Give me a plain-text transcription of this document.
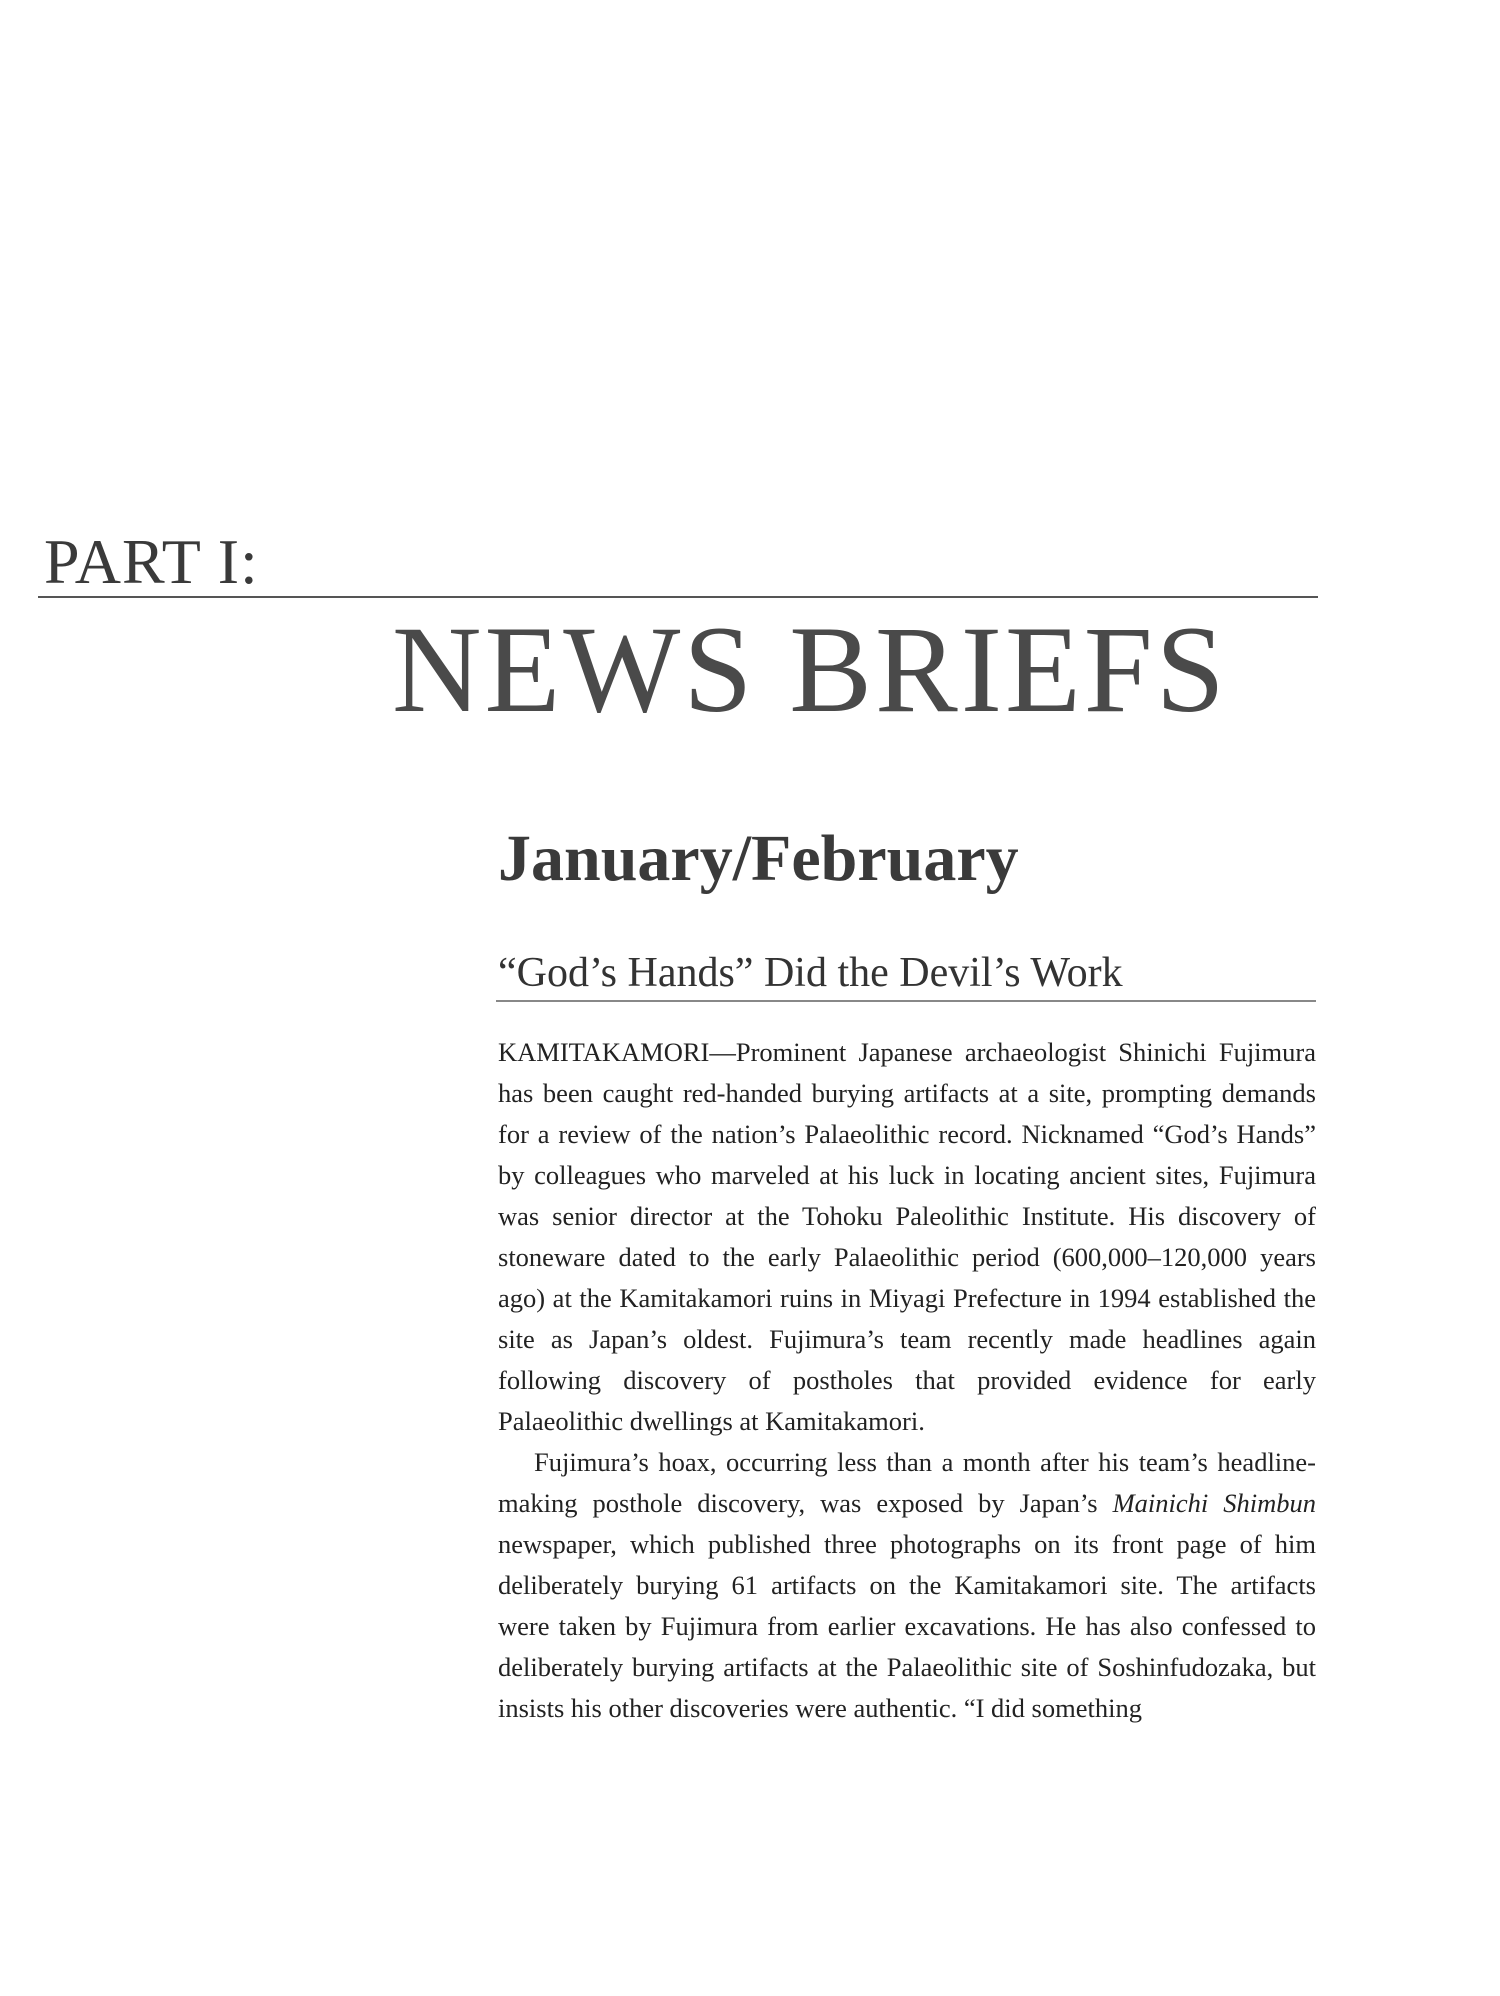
PART I:
NEWS BRIEFS
January/February
“God’s Hands” Did the Devil’s Work

KAMITAKAMORI—Prominent Japanese archaeologist Shinichi Fujimura has been caught red-handed burying artifacts at a site, prompting demands for a review of the nation’s Palaeolithic record. Nicknamed “God’s Hands” by colleagues who marveled at his luck in locating ancient sites, Fujimura was senior director at the Tohoku Paleolithic Institute. His discovery of stoneware dated to the early Palaeolithic period (600,000–120,000 years ago) at the Kamitakamori ruins in Miyagi Prefecture in 1994 established the site as Japan’s oldest. Fujimura’s team recently made headlines again following discovery of postholes that provided evidence for early Palaeolithic dwellings at Kamitakamori.

Fujimura’s hoax, occurring less than a month after his team’s headline-making posthole discovery, was exposed by Japan’s Mainichi Shimbun newspaper, which published three photographs on its front page of him deliberately burying 61 artifacts on the Kamitakamori site. The artifacts were taken by Fujimura from earlier excavations. He has also confessed to deliberately burying artifacts at the Palaeolithic site of Soshinfudozaka, but insists his other discoveries were authentic. “I did something
